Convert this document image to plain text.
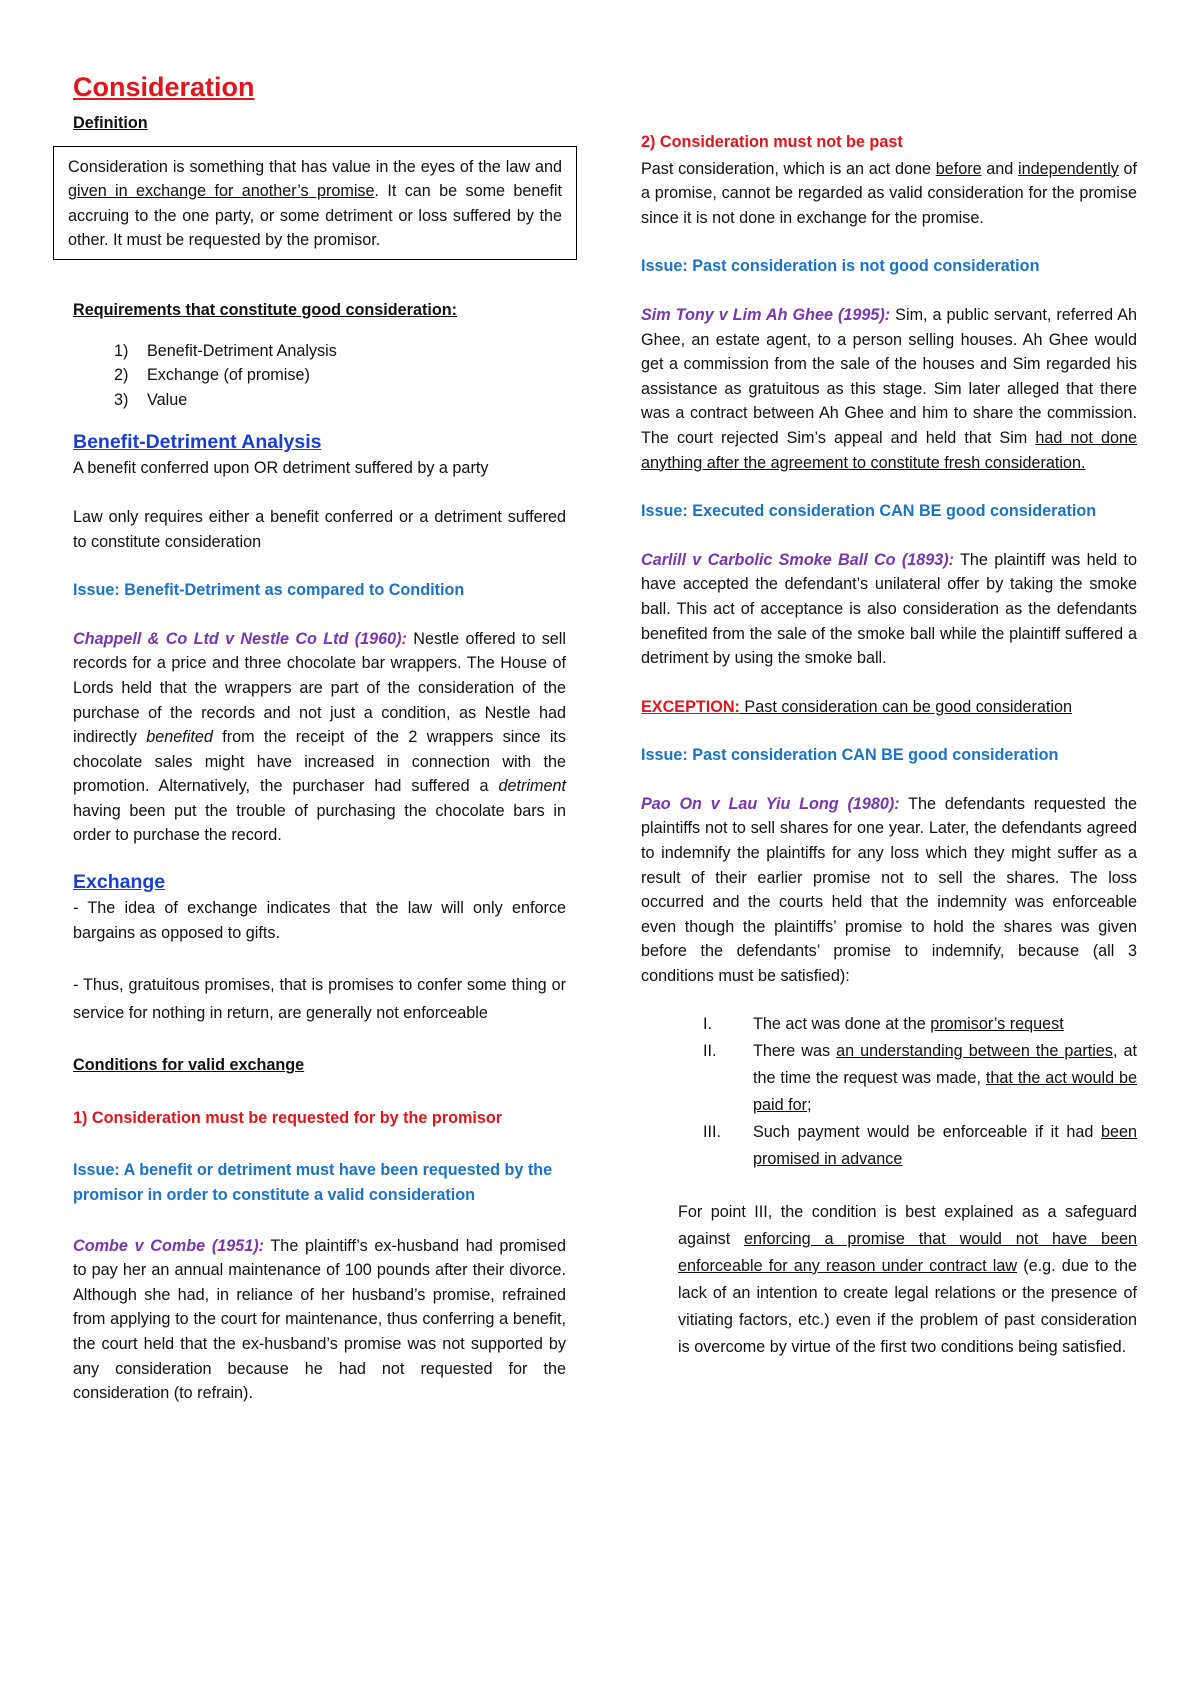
Consideration

Definition

Consideration is something that has value in the eyes of the law and given in exchange for another’s promise. It can be some benefit accruing to the one party, or some detriment or loss suffered by the other. It must be requested by the promisor.

Requirements that constitute good consideration:

1) Benefit-Detriment Analysis
2) Exchange (of promise)
3) Value

Benefit-Detriment Analysis

A benefit conferred upon OR detriment suffered by a party

Law only requires either a benefit conferred or a detriment suffered to constitute consideration

Issue: Benefit-Detriment as compared to Condition

Chappell & Co Ltd v Nestle Co Ltd (1960): Nestle offered to sell records for a price and three chocolate bar wrappers. The House of Lords held that the wrappers are part of the consideration of the purchase of the records and not just a condition, as Nestle had indirectly benefited from the receipt of the 2 wrappers since its chocolate sales might have increased in connection with the promotion. Alternatively, the purchaser had suffered a detriment having been put the trouble of purchasing the chocolate bars in order to purchase the record.

Exchange

- The idea of exchange indicates that the law will only enforce bargains as opposed to gifts.

- Thus, gratuitous promises, that is promises to confer some thing or service for nothing in return, are generally not enforceable

Conditions for valid exchange

1) Consideration must be requested for by the promisor

Issue: A benefit or detriment must have been requested by the promisor in order to constitute a valid consideration

Combe v Combe (1951): The plaintiff’s ex-husband had promised to pay her an annual maintenance of 100 pounds after their divorce. Although she had, in reliance of her husband’s promise, refrained from applying to the court for maintenance, thus conferring a benefit, the court held that the ex-husband’s promise was not supported by any consideration because he had not requested for the consideration (to refrain).

2) Consideration must not be past

Past consideration, which is an act done before and independently of a promise, cannot be regarded as valid consideration for the promise since it is not done in exchange for the promise.

Issue: Past consideration is not good consideration

Sim Tony v Lim Ah Ghee (1995): Sim, a public servant, referred Ah Ghee, an estate agent, to a person selling houses. Ah Ghee would get a commission from the sale of the houses and Sim regarded his assistance as gratuitous as this stage. Sim later alleged that there was a contract between Ah Ghee and him to share the commission. The court rejected Sim’s appeal and held that Sim had not done anything after the agreement to constitute fresh consideration.

Issue: Executed consideration CAN BE good consideration

Carlill v Carbolic Smoke Ball Co (1893): The plaintiff was held to have accepted the defendant’s unilateral offer by taking the smoke ball. This act of acceptance is also consideration as the defendants benefited from the sale of the smoke ball while the plaintiff suffered a detriment by using the smoke ball.

EXCEPTION: Past consideration can be good consideration

Issue: Past consideration CAN BE good consideration

Pao On v Lau Yiu Long (1980): The defendants requested the plaintiffs not to sell shares for one year. Later, the defendants agreed to indemnify the plaintiffs for any loss which they might suffer as a result of their earlier promise not to sell the shares. The loss occurred and the courts held that the indemnity was enforceable even though the plaintiffs’ promise to hold the shares was given before the defendants’ promise to indemnify, because (all 3 conditions must be satisfied):

I.	The act was done at the promisor’s request
II. There was an understanding between the parties, at the time the request was made, that the act would be paid for;
III. Such payment would be enforceable if it had been promised in advance

For point III, the condition is best explained as a safeguard against enforcing a promise that would not have been enforceable for any reason under contract law (e.g. due to the lack of an intention to create legal relations or the presence of vitiating factors, etc.) even if the problem of past consideration is overcome by virtue of the first two conditions being satisfied.
